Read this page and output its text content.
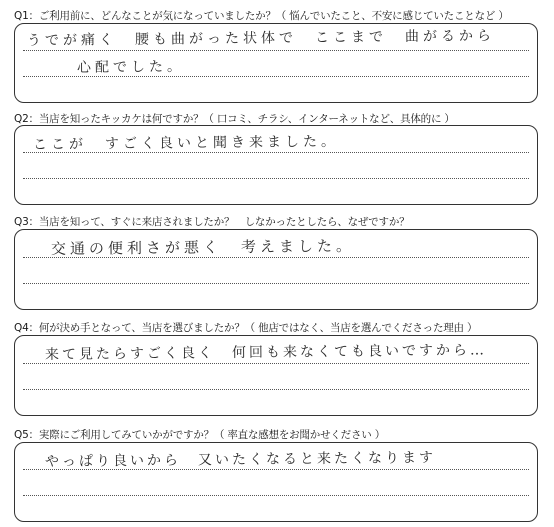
Q1：ご利用前に、どんなことが気になっていましたか？（ 悩んでいたこと、不安に感じていたことなど ）
うでが痛く　腰も曲がった状体で　ここまで　曲がるから
心配でした。
Q2：当店を知ったキッカケは何ですか？（ 口コミ、チラシ、インターネットなど、具体的に ）
ここが　すごく良いと聞き来ました。
Q3：当店を知って、すぐに来店されましたか？　しなかったとしたら、なぜですか？
交通の便利さが悪く　考えました。
Q4：何が決め手となって、当店を選びましたか？（ 他店ではなく、当店を選んでくださった理由 ）
来て見たらすごく良く　何回も来なくても良いですから…
Q5：実際にご利用してみていかがですか？（ 率直な感想をお聞かせください ）
やっぱり良いから　又いたくなると来たくなります
